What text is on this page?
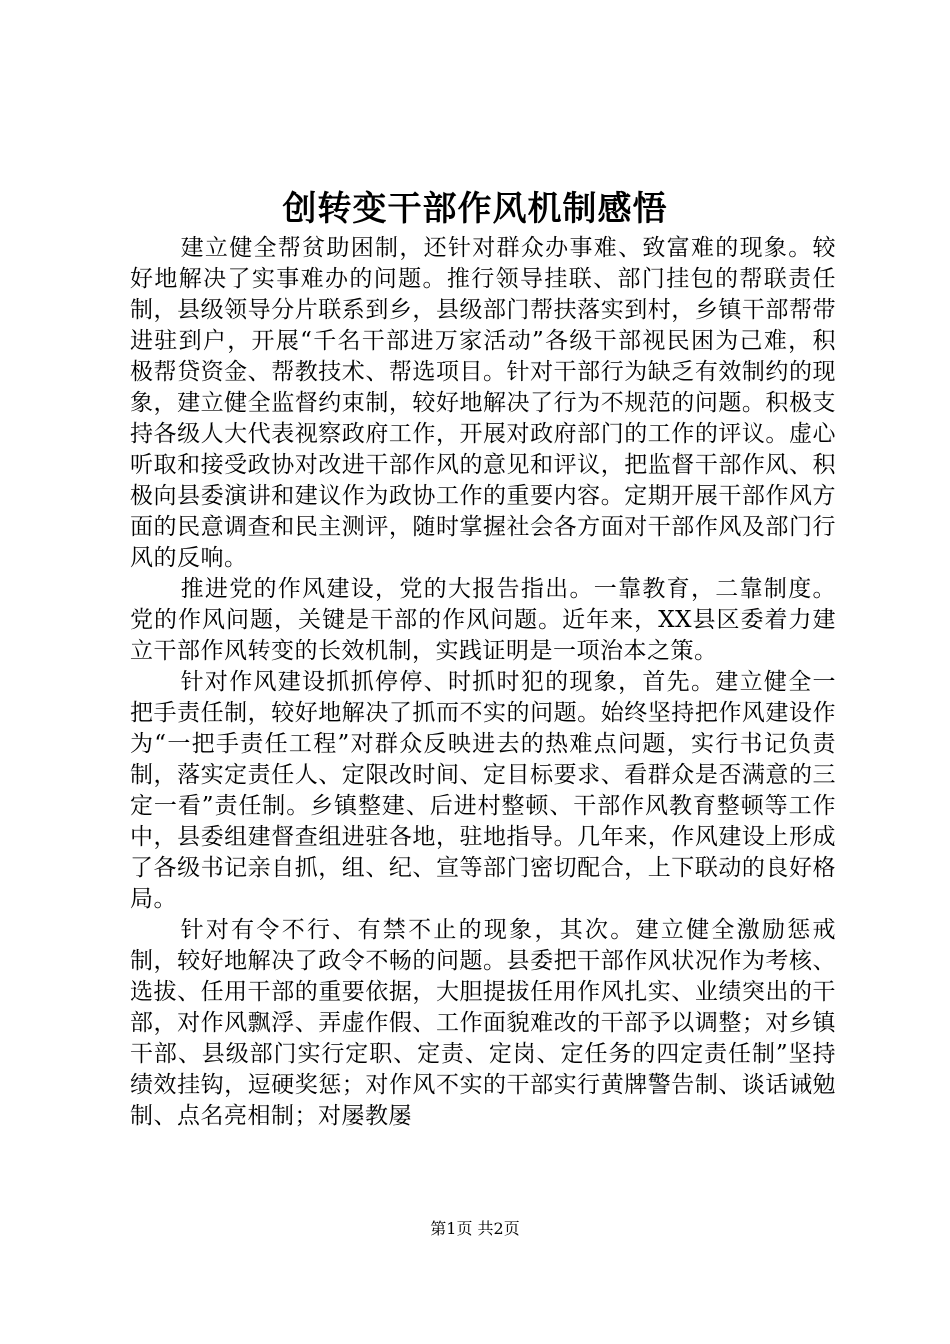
创转变干部作风机制感悟

建立健全帮贫助困制，还针对群众办事难、致富难的现象。较好地解决了实事难办的问题。推行领导挂联、部门挂包的帮联责任制，县级领导分片联系到乡，县级部门帮扶落实到村，乡镇干部帮带进驻到户，开展“千名干部进万家活动”各级干部视民困为己难，积极帮贷资金、帮教技术、帮选项目。针对干部行为缺乏有效制约的现象，建立健全监督约束制，较好地解决了行为不规范的问题。积极支持各级人大代表视察政府工作，开展对政府部门的工作的评议。虚心听取和接受政协对改进干部作风的意见和评议，把监督干部作风、积极向县委演讲和建议作为政协工作的重要内容。定期开展干部作风方面的民意调查和民主测评，随时掌握社会各方面对干部作风及部门行风的反响。

推进党的作风建设，党的大报告指出。一靠教育，二靠制度。党的作风问题，关键是干部的作风问题。近年来，XX县区委着力建立干部作风转变的长效机制，实践证明是一项治本之策。

针对作风建设抓抓停停、时抓时犯的现象，首先。建立健全一把手责任制，较好地解决了抓而不实的问题。始终坚持把作风建设作为“一把手责任工程”对群众反映进去的热难点问题，实行书记负责制，落实定责任人、定限改时间、定目标要求、看群众是否满意的三定一看”责任制。乡镇整建、后进村整顿、干部作风教育整顿等工作中，县委组建督查组进驻各地，驻地指导。几年来，作风建设上形成了各级书记亲自抓，组、纪、宣等部门密切配合，上下联动的良好格局。

针对有令不行、有禁不止的现象，其次。建立健全激励惩戒制，较好地解决了政令不畅的问题。县委把干部作风状况作为考核、选拔、任用干部的重要依据，大胆提拔任用作风扎实、业绩突出的干部，对作风飘浮、弄虚作假、工作面貌难改的干部予以调整；对乡镇干部、县级部门实行定职、定责、定岗、定任务的四定责任制”坚持绩效挂钩，逗硬奖惩；对作风不实的干部实行黄牌警告制、谈话诫勉制、点名亮相制；对屡教屡

第1页 共2页
